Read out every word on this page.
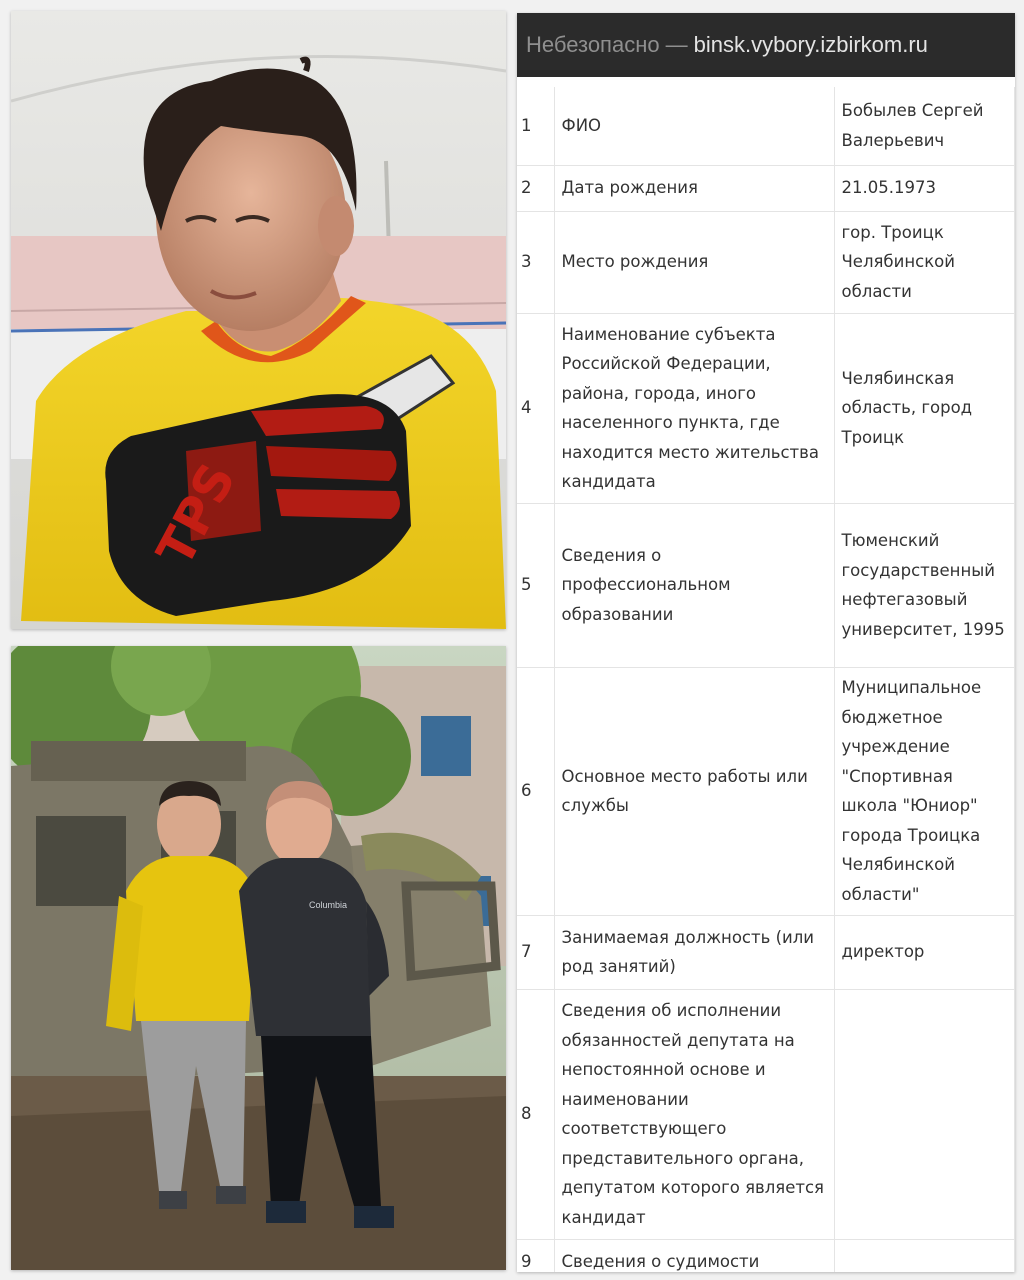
TPS
Columbia
Небезопасно — binsk.vybory.izbirkom.ru
1	ФИО	Бобылев Сергей Валерьевич
2	Дата рождения	21.05.1973
3	Место рождения	гор. Троицк Челябинской области
4	Наименование субъекта Российской Федерации, района, города, иного населенного пункта, где находится место жительства кандидата	Челябинская область, город Троицк
5	Сведения о профессиональном образовании	Тюменский государственный нефтегазовый университет, 1995
6	Основное место работы или службы	Муниципальное бюджетное учреждение "Спортивная школа "Юниор" города Троицка Челябинской области"
7	Занимаемая должность (или род занятий)	директор
8	Сведения об исполнении обязанностей депутата на непостоянной основе и наименовании соответствующего представительного органа, депутатом которого является кандидат	
9	Сведения о судимости	
